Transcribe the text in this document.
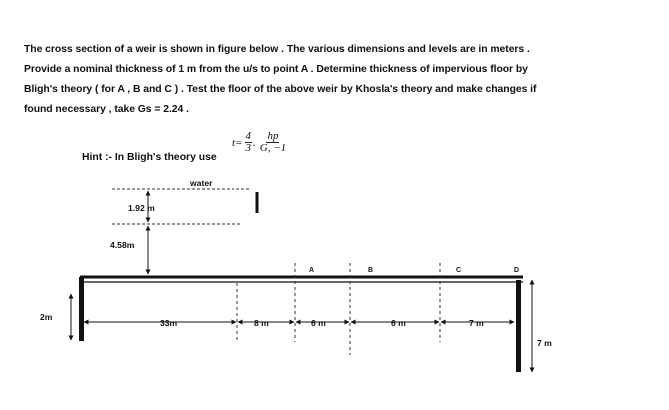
The cross section of a weir is shown in figure below . The various dimensions and levels are in meters .
Provide a nominal thickness of 1 m from the u/s to point A . Determine thickness of impervious floor by
Bligh's theory ( for A , B and C ) . Test the floor of the above weir by Khosla's theory and make changes if
found necessary , take Gs = 2.24 .
Hint :- In Bligh's theory use
$t = \frac{4}{3}$ . $\frac{hp}{G, -1}$
water
1.92 m
4.58m
A	B	C	D
2m
33m	8 m	6 m	6 m	7 m
7 m
